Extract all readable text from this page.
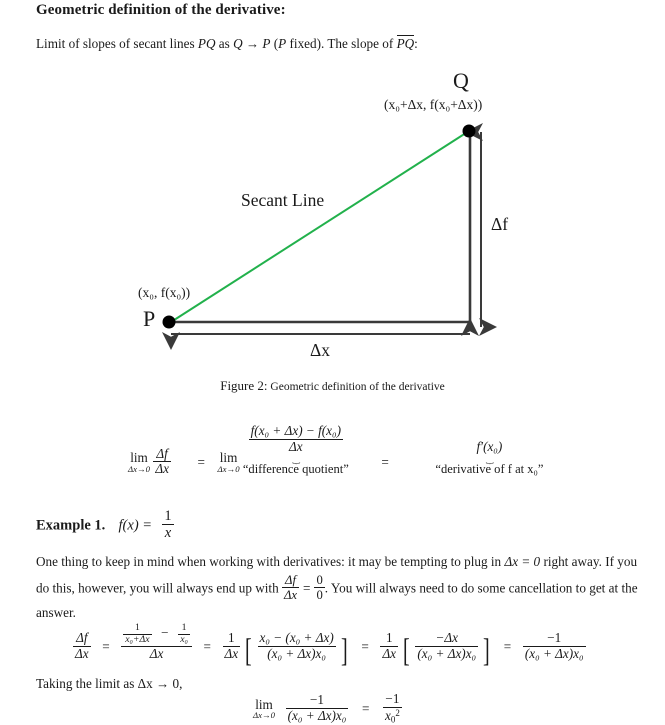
Geometric definition of the derivative:
Limit of slopes of secant lines PQ as Q → P (P fixed). The slope of PQ:
Q
(x₀+Δx, f(x₀+Δx))
(x₀, f(x₀))
P
Secant Line
Δf
Δx
Figure 2: Geometric definition of the derivative
lim
Δx→0
$\frac{\Delta f}{\Delta x} = \lim$
Δx→0

$\frac{\text{f(x₀ + Δx) − f(x₀)}}{\Delta x}$
⏟
“difference quotient” =
f′(x₀)
⏟
“derivative of f at x₀”
Example 1. $f(x) = \frac{1}{x}$
One thing to keep in mind when working with derivatives: it may be tempting to plug in Δx = 0 right away. If you do this, however, you will always end up with $\frac{\Delta f}{\Delta x} = \frac{0}{0}$ . You will always need to do some cancellation to get at the answer.
$\frac{\Delta f}{\Delta x}$ =
$\frac{1}{\text{x₀+Δx}} - \frac{1}{\text{x₀}}$
Δx	= $\frac{1}{\Delta x}$ [ $\frac{\text{x₀ − (x₀ + Δx)}}{\text{(x₀ + Δx)x₀}}$ ] = $\frac{1}{\Delta x}$ [ $\frac{-\Delta x}{\text{(x₀ + Δx)x₀}}$ ] = $\frac{-1}{\text{(x₀ + Δx)x₀}}$
Taking the limit as Δx → 0,
lim
Δx→0
$\frac{-1}{\text{(x₀ + Δx)x₀}} = \frac{-1}{x_0^2}$
